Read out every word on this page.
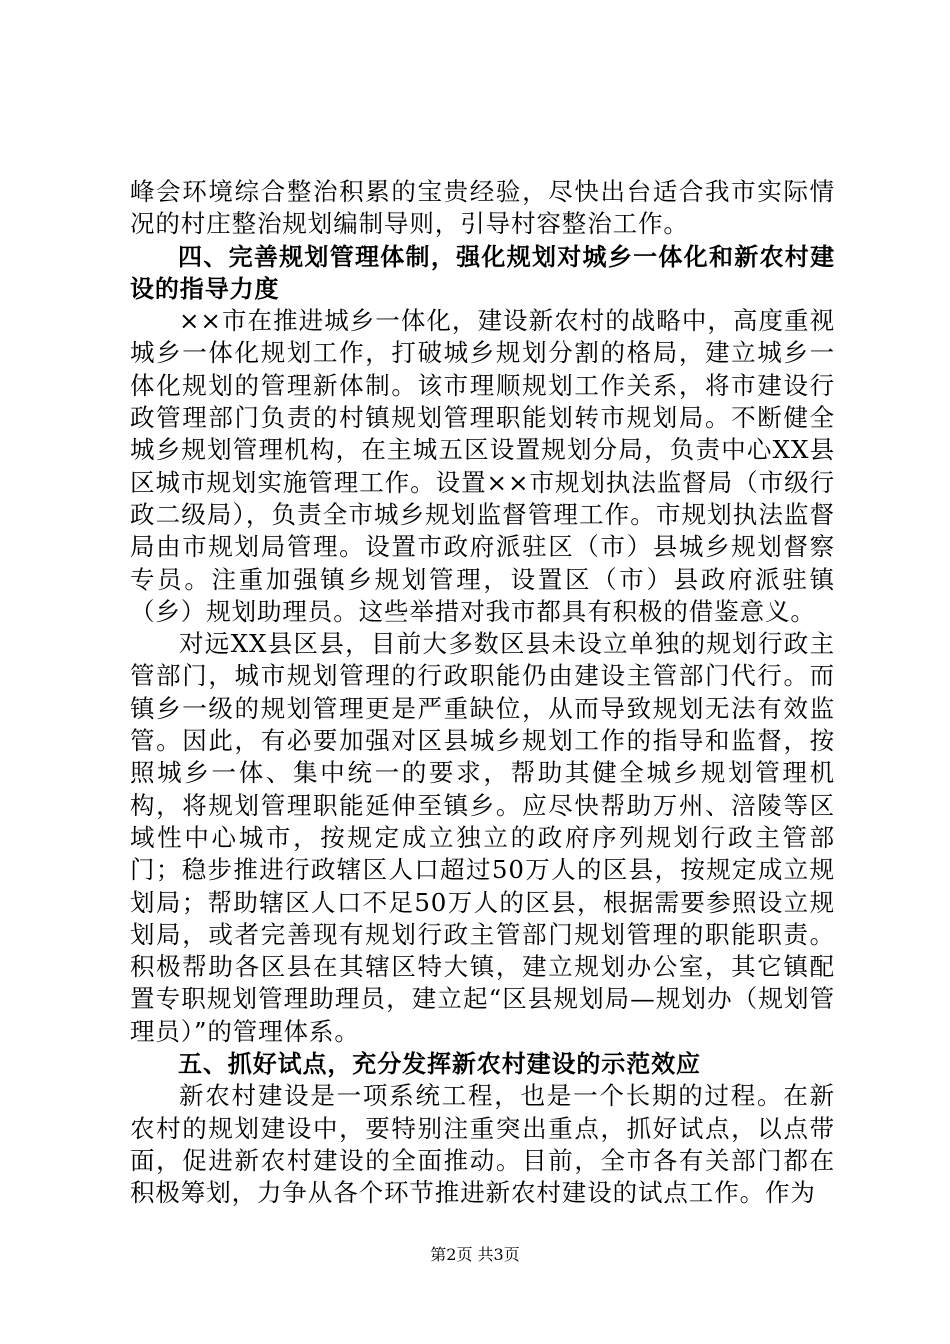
峰会环境综合整治积累的宝贵经验，尽快出台适合我市实际情况的村庄整治规划编制导则，引导村容整治工作。

四、完善规划管理体制，强化规划对城乡一体化和新农村建设的指导力度

××市在推进城乡一体化，建设新农村的战略中，高度重视城乡一体化规划工作，打破城乡规划分割的格局，建立城乡一体化规划的管理新体制。该市理顺规划工作关系，将市建设行政管理部门负责的村镇规划管理职能划转市规划局。不断健全城乡规划管理机构，在主城五区设置规划分局，负责中心XX县区城市规划实施管理工作。设置××市规划执法监督局（市级行政二级局），负责全市城乡规划监督管理工作。市规划执法监督局由市规划局管理。设置市政府派驻区（市）县城乡规划督察专员。注重加强镇乡规划管理，设置区（市）县政府派驻镇（乡）规划助理员。这些举措对我市都具有积极的借鉴意义。

对远XX县区县，目前大多数区县未设立单独的规划行政主管部门，城市规划管理的行政职能仍由建设主管部门代行。而镇乡一级的规划管理更是严重缺位，从而导致规划无法有效监管。因此，有必要加强对区县城乡规划工作的指导和监督，按照城乡一体、集中统一的要求，帮助其健全城乡规划管理机构，将规划管理职能延伸至镇乡。应尽快帮助万州、涪陵等区域性中心城市，按规定成立独立的政府序列规划行政主管部门；稳步推进行政辖区人口超过50万人的区县，按规定成立规划局；帮助辖区人口不足50万人的区县，根据需要参照设立规划局，或者完善现有规划行政主管部门规划管理的职能职责。积极帮助各区县在其辖区特大镇，建立规划办公室，其它镇配置专职规划管理助理员，建立起“区县规划局—规划办（规划管理员）”的管理体系。

五、抓好试点，充分发挥新农村建设的示范效应

新农村建设是一项系统工程，也是一个长期的过程。在新农村的规划建设中，要特别注重突出重点，抓好试点，以点带面，促进新农村建设的全面推动。目前，全市各有关部门都在积极筹划，力争从各个环节推进新农村建设的试点工作。作为

第2页 共3页
